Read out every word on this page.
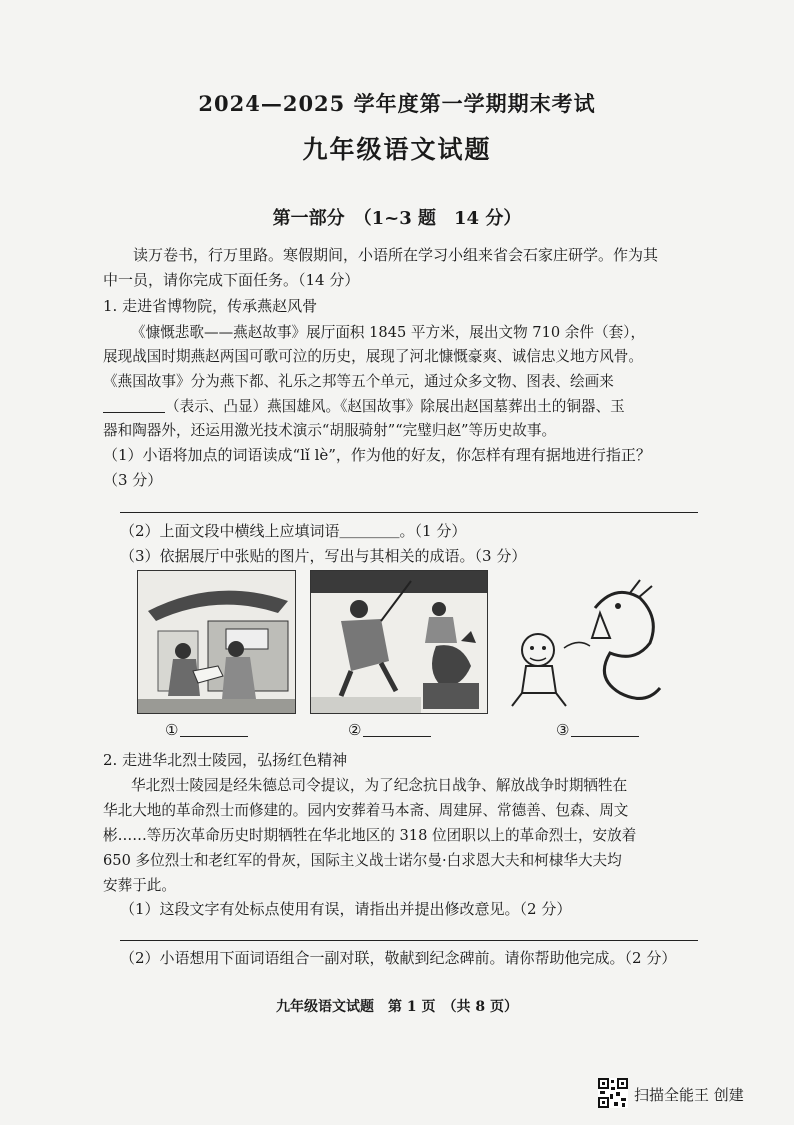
2024—2025 学年度第一学期期末考试
九年级语文试题
第一部分　（1~3 题　14 分）
读万卷书，行万里路。寒假期间，小语所在学习小组来省会石家庄研学。作为其
中一员，请你完成下面任务。（14 分）
1. 走进省博物院，传承燕赵风骨
《慷慨悲歌——燕赵故事》展厅面积 1845 平方米，展出文物 710 余件（套），
展现战国时期燕赵两国可歌可泣的历史，展现了河北慷慨豪爽、诚信忠义地方风骨。
《燕国故事》分为燕下都、礼乐之邦等五个单元，通过众多文物、图表、绘画来
（表示、凸显）燕国雄风。《赵国故事》除展出赵国墓葬出土的铜器、玉
器和陶器外，还运用激光技术演示“胡服骑射”“完璧归赵”等历史故事。
（1）小语将加点的词语读成“lǐ lè”，作为他的好友，你怎样有理有据地进行指正？
（3 分）
（2）上面文段中横线上应填词语＿＿＿＿。（1 分）
（3）依据展厅中张贴的图片，写出与其相关的成语。（3 分）
①	②	③
2. 走进华北烈士陵园，弘扬红色精神
华北烈士陵园是经朱德总司令提议，为了纪念抗日战争、解放战争时期牺牲在
华北大地的革命烈士而修建的。园内安葬着马本斋、周建屏、常德善、包森、周文
彬……等历次革命历史时期牺牲在华北地区的 318 位团职以上的革命烈士，安放着
650 多位烈士和老红军的骨灰，国际主义战士诺尔曼·白求恩大夫和柯棣华大夫均
安葬于此。
（1）这段文字有处标点使用有误，请指出并提出修改意见。（2 分）
（2）小语想用下面词语组合一副对联，敬献到纪念碑前。请你帮助他完成。（2 分）
九年级语文试题　第 1 页　（共 8 页）
扫描全能王 创建
